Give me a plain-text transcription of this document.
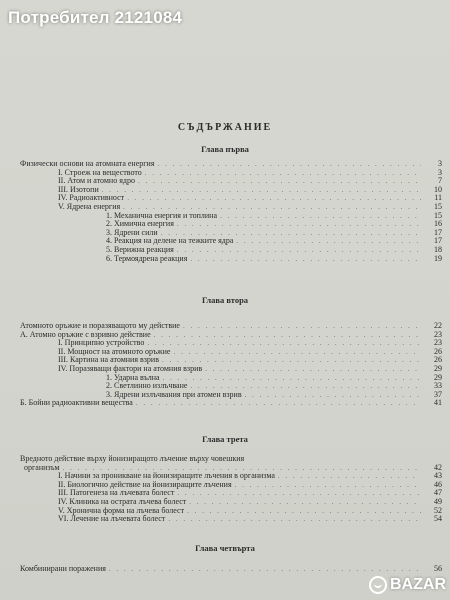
Потребител 2121084
СЪДЪРЖАНИЕ
Глава първа
Физически основи на атомната енергия . . .	3
I. Строеж на веществото . . .	3
II. Атом и атомно ядро . . .	7
III. Изотопи . . .	10
IV. Радиоактивност . . .	11
V. Ядрена енергия . . .	15
1. Механична енергия и топлина . . .	15
2. Химична енергия . . .	16
3. Ядрени сили . . .	17
4. Реакция на делене на тежките ядра . . .	17
5. Верижна реакция . . .	18
6. Термоядрена реакция . . .	19
Глава втора
Атомното оръжие и поразяващото му действие . . .	22
А. Атомно оръжие с взривно действие . . .	23
I. Принципно устройство . . .	23
II. Мощност на атомното оръжие . . .	26
III. Картина на атомния взрив . . .	26
IV. Поразяващи фактори на атомния взрив . . .	29
1. Ударна вълна . . .	29
2. Светлинно излъчване . . .	33
3. Ядрени излъчвания при атомен взрив . . .	37
Б. Бойни радиоактивни вещества . . .	41
Глава трета
Вредното действие върху йонизиращото лъчение върху човешкия
организъм . . .	42
I. Начини за проникване на йонизиращите лъчения в организма . . .	43
II. Биологично действие на йонизиращите лъчения . . .	46
III. Патогенеза на лъчевата болест . . .	47
IV. Клиника на острата лъчева болест . . .	49
V. Хронична форма на лъчева болест . . .	52
VI. Лечение на лъчевата болест . . .	54
Глава четвърта
Комбинирани поражения . . .	56
BAZAR
